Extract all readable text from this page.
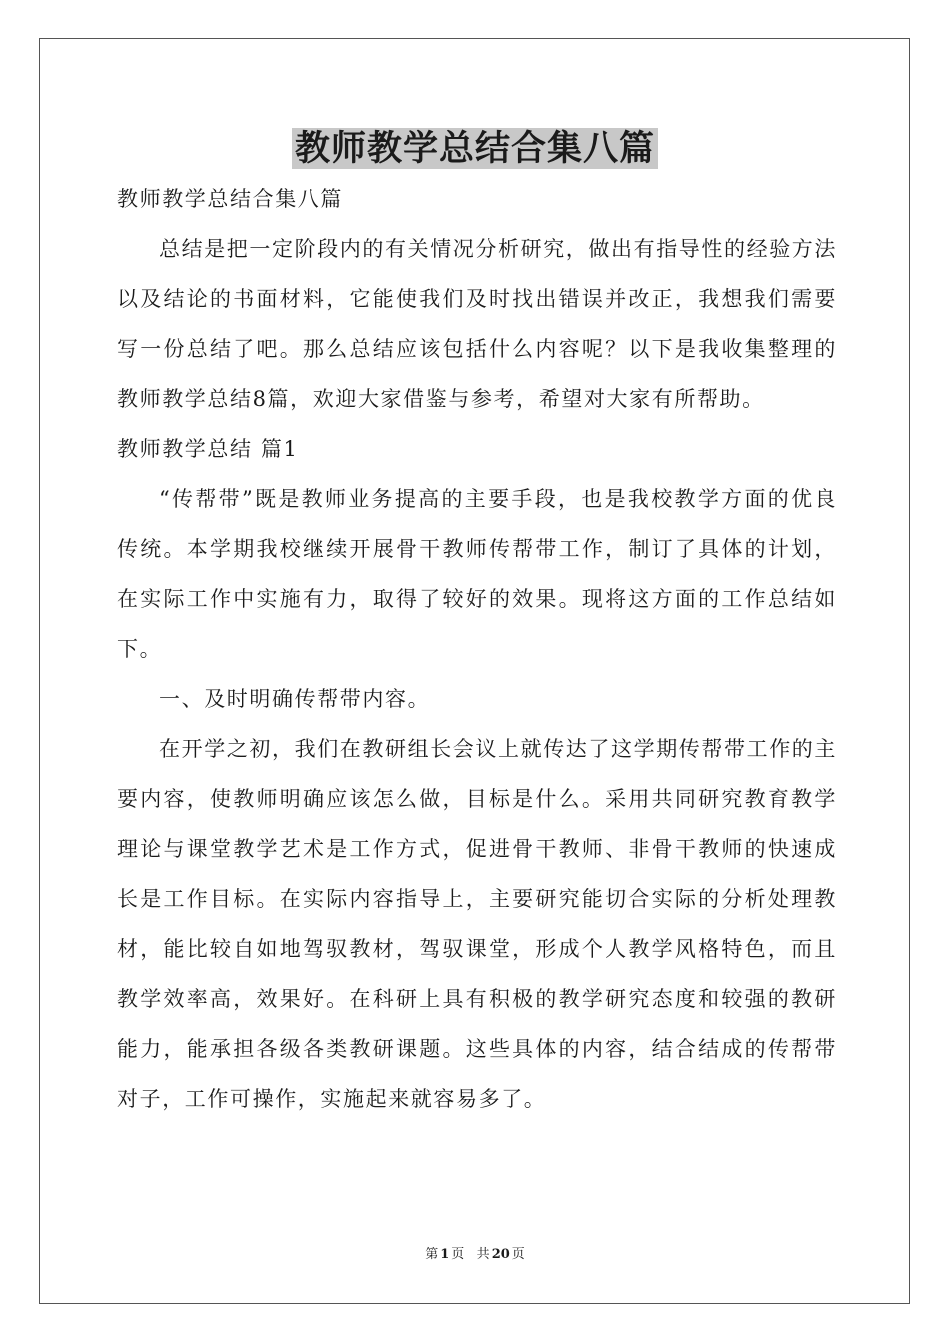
教师教学总结合集八篇

教师教学总结合集八篇

总结是把一定阶段内的有关情况分析研究，做出有指导性的经验方法以及结论的书面材料，它能使我们及时找出错误并改正，我想我们需要写一份总结了吧。那么总结应该包括什么内容呢？以下是我收集整理的教师教学总结8篇，欢迎大家借鉴与参考，希望对大家有所帮助。

教师教学总结 篇1

“传帮带”既是教师业务提高的主要手段，也是我校教学方面的优良传统。本学期我校继续开展骨干教师传帮带工作，制订了具体的计划，在实际工作中实施有力，取得了较好的效果。现将这方面的工作总结如下。

一、及时明确传帮带内容。

在开学之初，我们在教研组长会议上就传达了这学期传帮带工作的主要内容，使教师明确应该怎么做，目标是什么。采用共同研究教育教学理论与课堂教学艺术是工作方式，促进骨干教师、非骨干教师的快速成长是工作目标。在实际内容指导上，主要研究能切合实际的分析处理教材，能比较自如地驾驭教材，驾驭课堂，形成个人教学风格特色，而且教学效率高，效果好。在科研上具有积极的教学研究态度和较强的教研能力，能承担各级各类教研课题。这些具体的内容，结合结成的传帮带对子，工作可操作，实施起来就容易多了。

第 1 页 共 20 页
